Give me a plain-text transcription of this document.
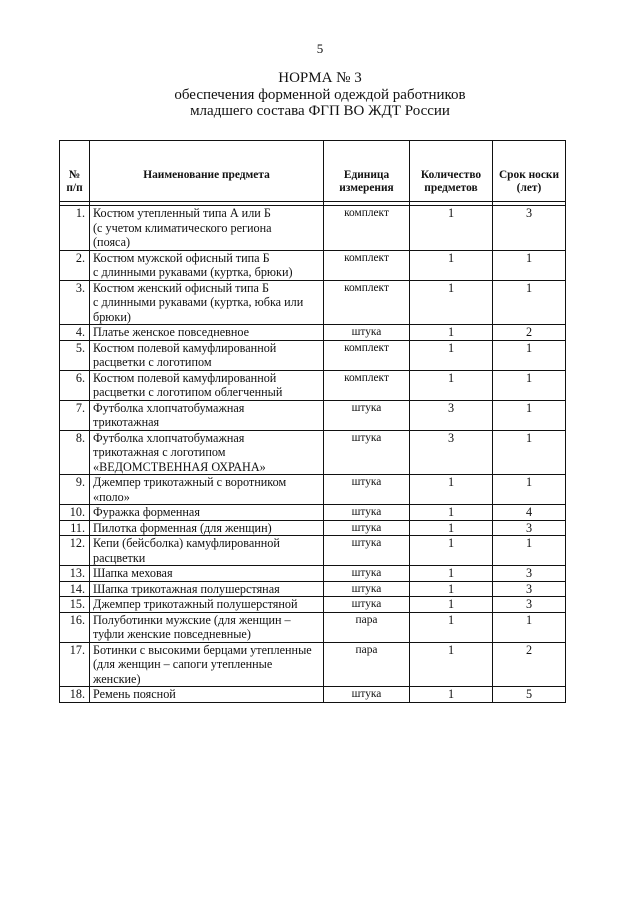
5
НОРМА № 3
обеспечения форменной одеждой работников
младшего состава ФГП ВО ЖДТ России
№ п/п	Наименование предмета	Единица измерения	Количество предметов	Срок носки (лет)

1.	Костюм утепленный типа А или Б
(с учетом климатического региона
(пояса)	комплект	1	3
2.	Костюм мужской офисный типа Б
с длинными рукавами (куртка, брюки)	комплект	1	1
3.	Костюм женский офисный типа Б
с длинными рукавами (куртка, юбка или
брюки)	комплект	1	1
4.	Платье женское повседневное	штука	1	2
5.	Костюм полевой камуфлированной
расцветки с логотипом	комплект	1	1
6.	Костюм полевой камуфлированной
расцветки с логотипом облегченный	комплект	1	1
7.	Футболка хлопчатобумажная
трикотажная	штука	3	1
8.	Футболка хлопчатобумажная
трикотажная с логотипом
«ВЕДОМСТВЕННАЯ ОХРАНА»	штука	3	1
9.	Джемпер трикотажный с воротником
«поло»	штука	1	1
10.	Фуражка форменная	штука	1	4
11.	Пилотка форменная (для женщин)	штука	1	3
12.	Кепи (бейсболка) камуфлированной
расцветки	штука	1	1
13.	Шапка меховая	штука	1	3
14.	Шапка трикотажная полушерстяная	штука	1	3
15.	Джемпер трикотажный полушерстяной	штука	1	3
16.	Полуботинки мужские (для женщин –
туфли женские повседневные)	пара	1	1
17.	Ботинки с высокими берцами утепленные
(для женщин – сапоги утепленные
женские)	пара	1	2
18.	Ремень поясной	штука	1	5
